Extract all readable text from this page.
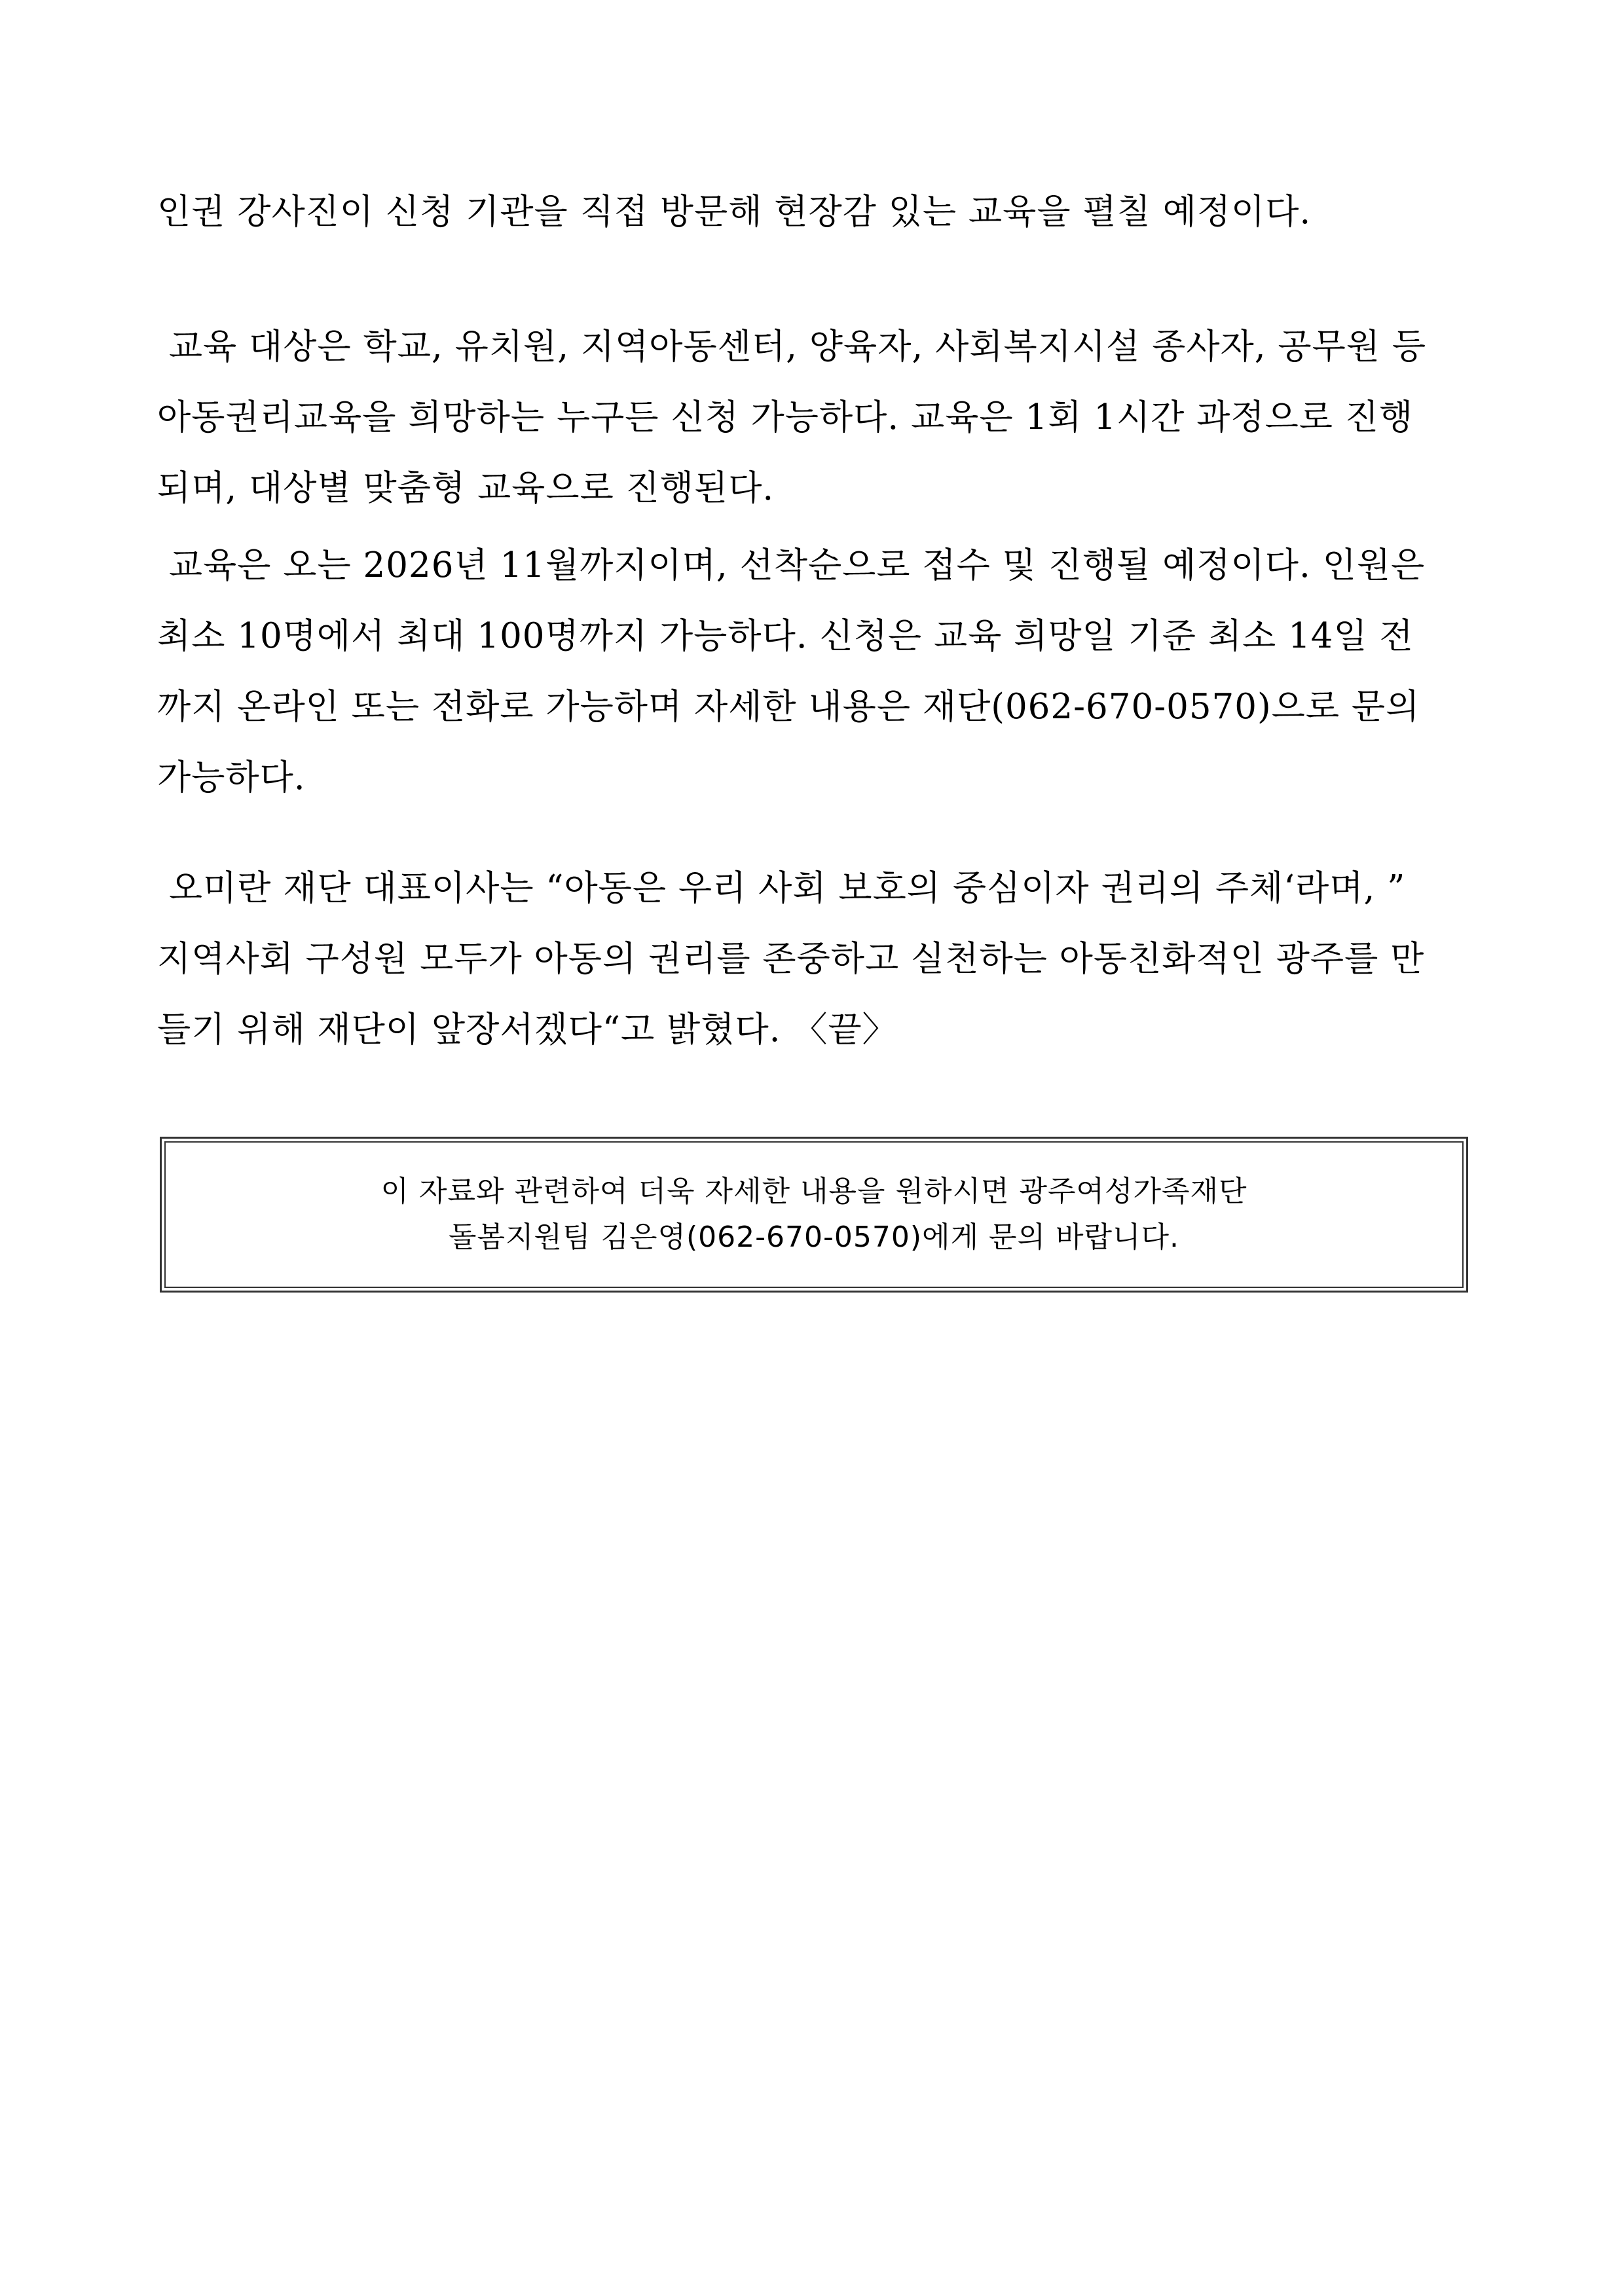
인권 강사진이 신청 기관을 직접 방문해 현장감 있는 교육을 펼칠 예정이다.

교육 대상은 학교, 유치원, 지역아동센터, 양육자, 사회복지시설 종사자, 공무원 등
아동권리교육을 희망하는 누구든 신청 가능하다. 교육은 1회 1시간 과정으로 진행
되며, 대상별 맞춤형 교육으로 진행된다.

교육은 오는 2026년 11월까지이며, 선착순으로 접수 및 진행될 예정이다. 인원은
최소 10명에서 최대 100명까지 가능하다. 신청은 교육 희망일 기준 최소 14일 전
까지 온라인 또는 전화로 가능하며 자세한 내용은 재단(062-670-0570)으로 문의
가능하다.

오미란 재단 대표이사는 “아동은 우리 사회 보호의 중심이자 권리의 주체‘라며, ”
지역사회 구성원 모두가 아동의 권리를 존중하고 실천하는 아동친화적인 광주를 만
들기 위해 재단이 앞장서겠다“고 밝혔다. 〈끝〉

이 자료와 관련하여 더욱 자세한 내용을 원하시면 광주여성가족재단
돌봄지원팀 김은영(062-670-0570)에게 문의 바랍니다.
